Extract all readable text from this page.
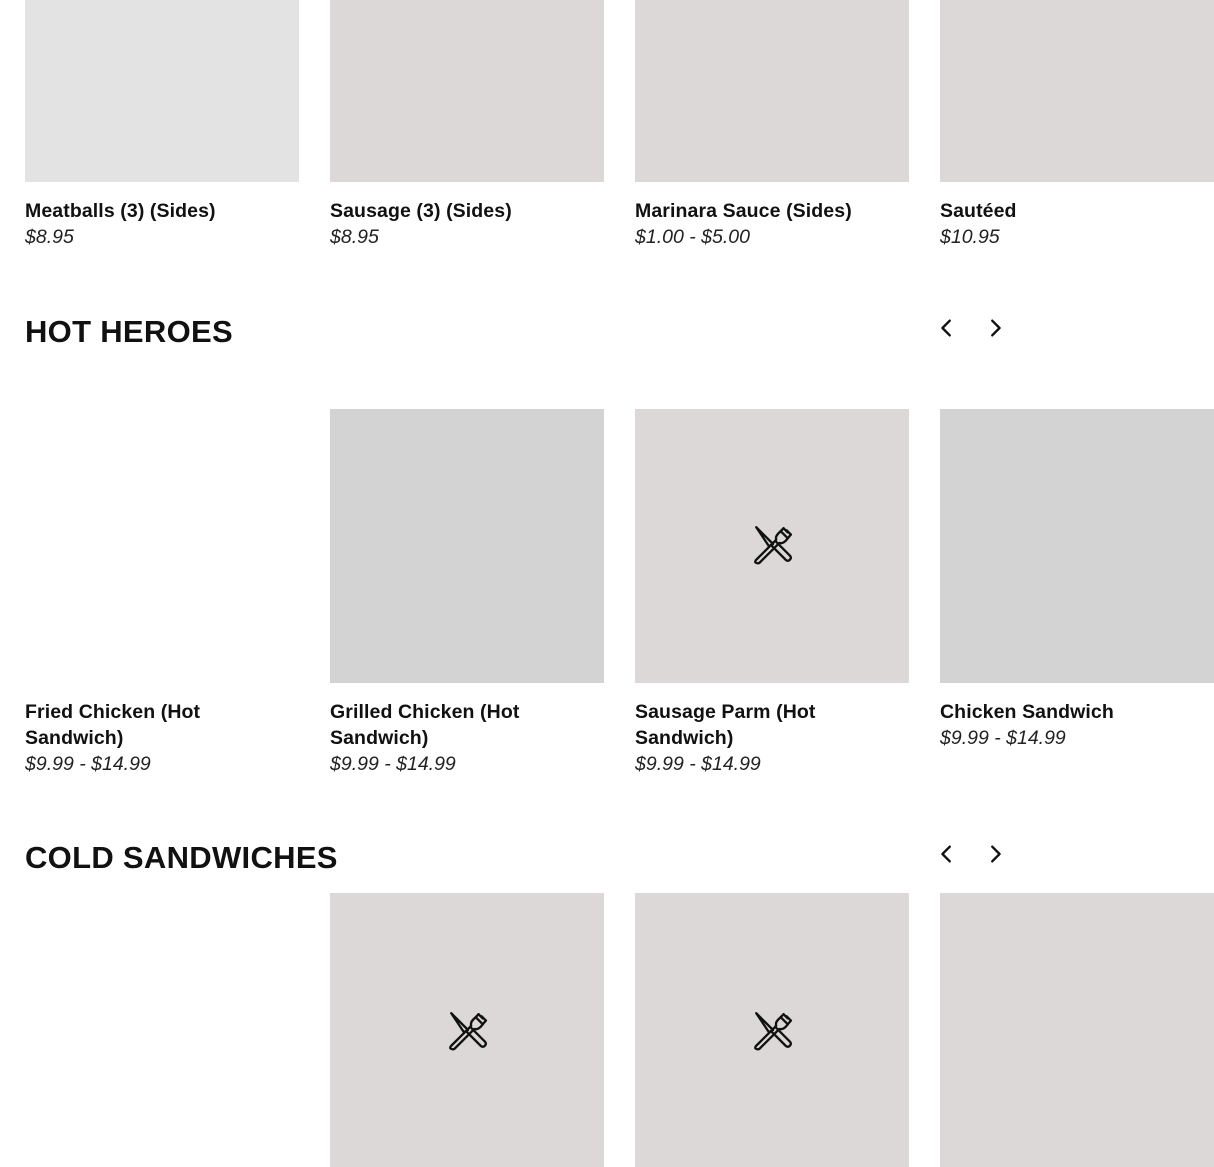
Meatballs (3) (Sides)
$8.95
Sausage (3) (Sides)
$8.95
Marinara Sauce (Sides)
$1.00 - $5.00
Sautéed
$10.95
HOT HEROES
Fried Chicken (Hot Sandwich)
$9.99 - $14.99
Grilled Chicken (Hot Sandwich)
$9.99 - $14.99
Sausage Parm (Hot Sandwich)
$9.99 - $14.99
Chicken Sandwich
$9.99 - $14.99
COLD SANDWICHES
